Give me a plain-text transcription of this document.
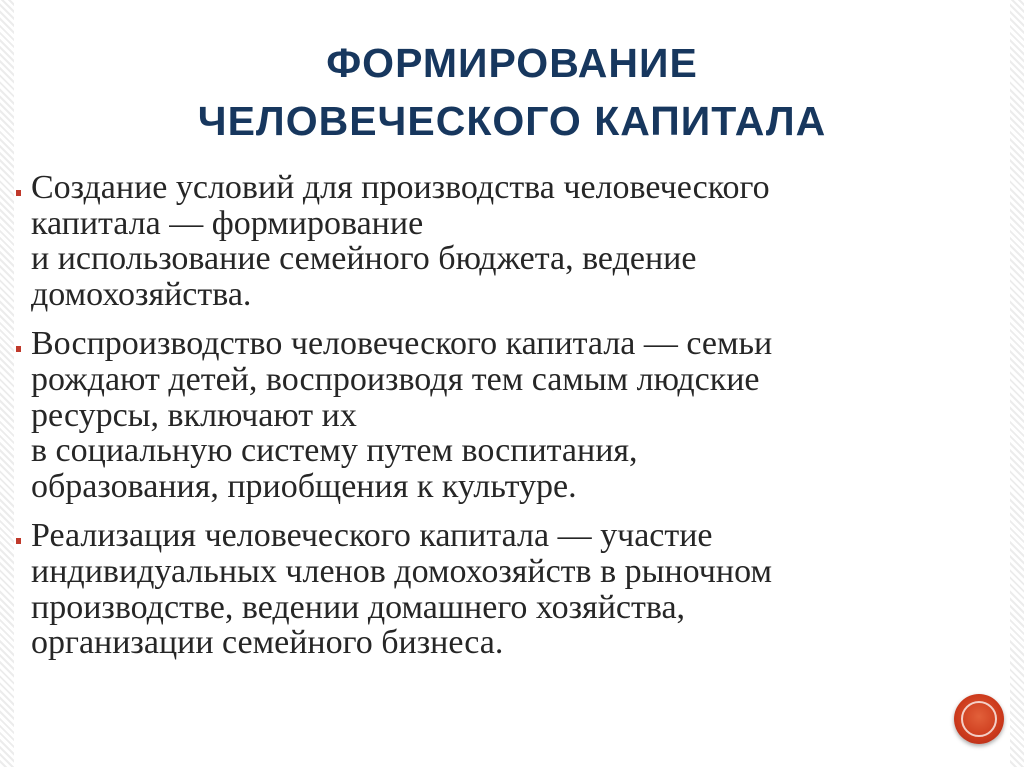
ФОРМИРОВАНИЕ
ЧЕЛОВЕЧЕСКОГО КАПИТАЛА
Создание условий для производства человеческого
капитала — формирование
и использование семейного бюджета, ведение
домохозяйства.
Воспроизводство человеческого капитала — семьи
рождают детей, воспроизводя тем самым людские
ресурсы, включают их
в социальную систему путем воспитания,
образования, приобщения к культуре.
Реализация человеческого капитала — участие
индивидуальных членов домохозяйств в рыночном
производстве, ведении домашнего хозяйства,
организации семейного бизнеса.
